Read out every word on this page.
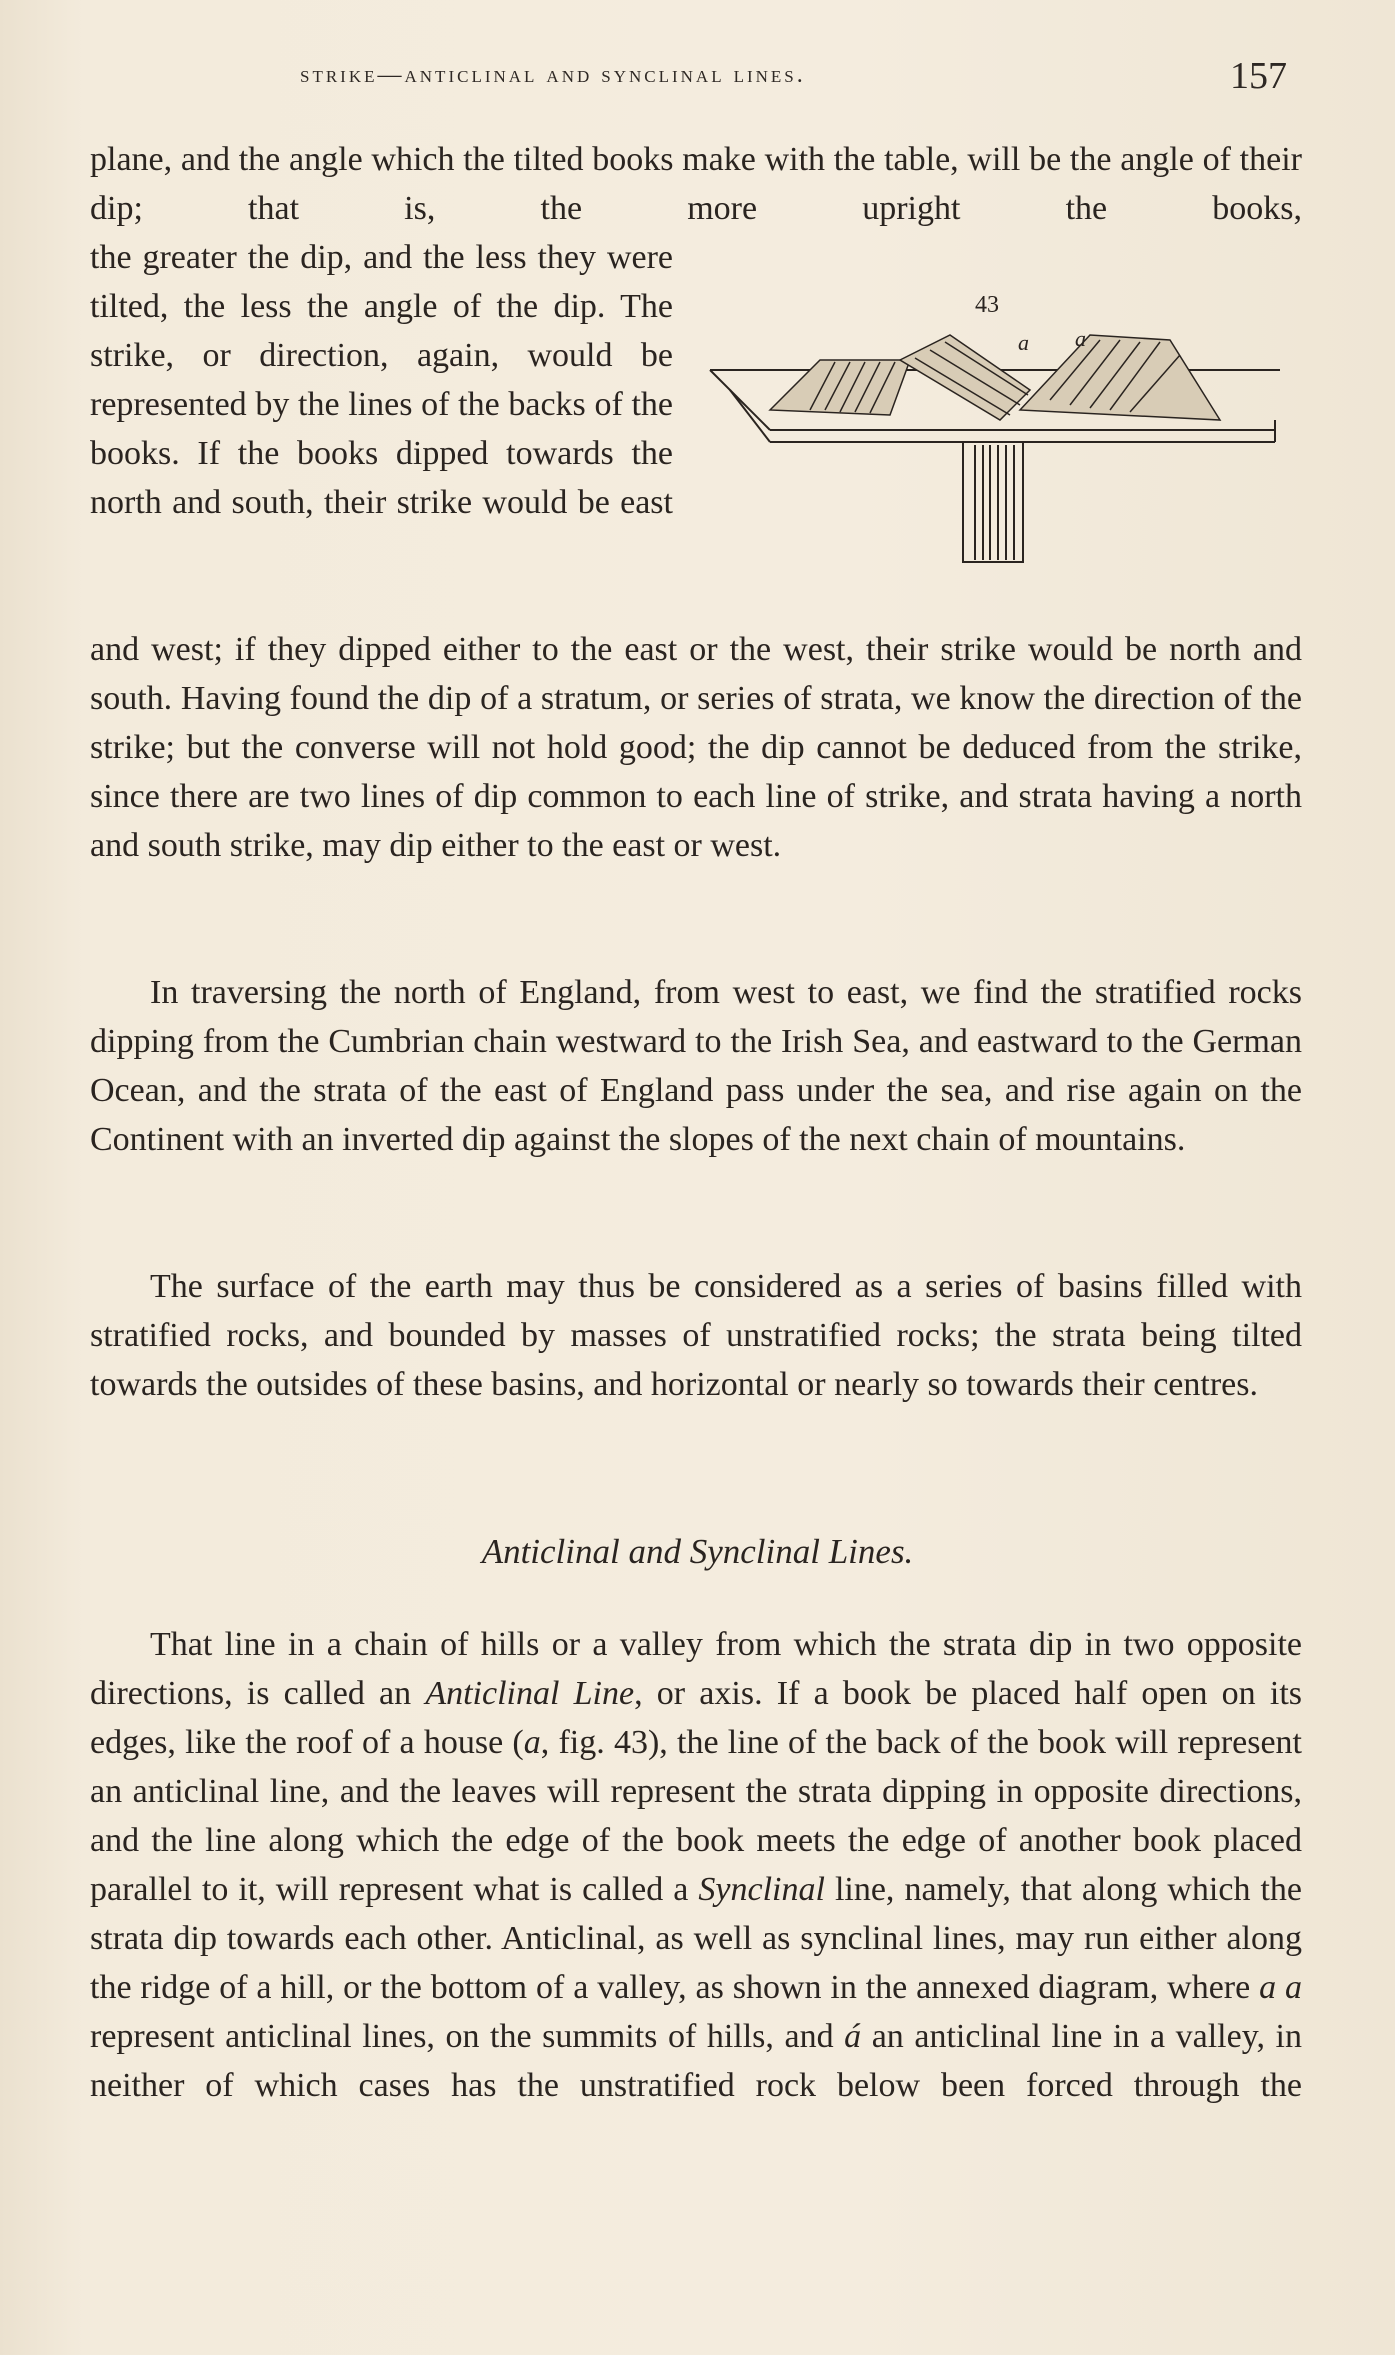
strike—anticlinal and synclinal lines.	157

plane, and the angle which the tilted books make with the table, will be the angle of their dip; that is, the more upright the books,

the greater the dip, and the less they were tilted, the less the angle of the dip. The strike, or direction, again, would be represented by the lines of the backs of the books. If the books dipped towards the north and south, their strike would be east

43
a a

and west; if they dipped either to the east or the west, their strike would be north and south. Having found the dip of a stratum, or series of strata, we know the direction of the strike; but the converse will not hold good; the dip cannot be deduced from the strike, since there are two lines of dip common to each line of strike, and strata having a north and south strike, may dip either to the east or west.

In traversing the north of England, from west to east, we find the stratified rocks dipping from the Cumbrian chain westward to the Irish Sea, and eastward to the German Ocean, and the strata of the east of England pass under the sea, and rise again on the Continent with an inverted dip against the slopes of the next chain of mountains.

The surface of the earth may thus be considered as a series of basins filled with stratified rocks, and bounded by masses of unstratified rocks; the strata being tilted towards the outsides of these basins, and horizontal or nearly so towards their centres.

Anticlinal and Synclinal Lines.

That line in a chain of hills or a valley from which the strata dip in two opposite directions, is called an Anticlinal Line, or axis. If a book be placed half open on its edges, like the roof of a house (a, fig. 43), the line of the back of the book will represent an anticlinal line, and the leaves will represent the strata dipping in opposite directions, and the line along which the edge of the book meets the edge of another book placed parallel to it, will represent what is called a Synclinal line, namely, that along which the strata dip towards each other. Anticlinal, as well as synclinal lines, may run either along the ridge of a hill, or the bottom of a valley, as shown in the annexed diagram, where a a represent anticlinal lines, on the summits of hills, and á an anticlinal line in a valley, in neither of which cases has the unstratified rock below been forced through the
